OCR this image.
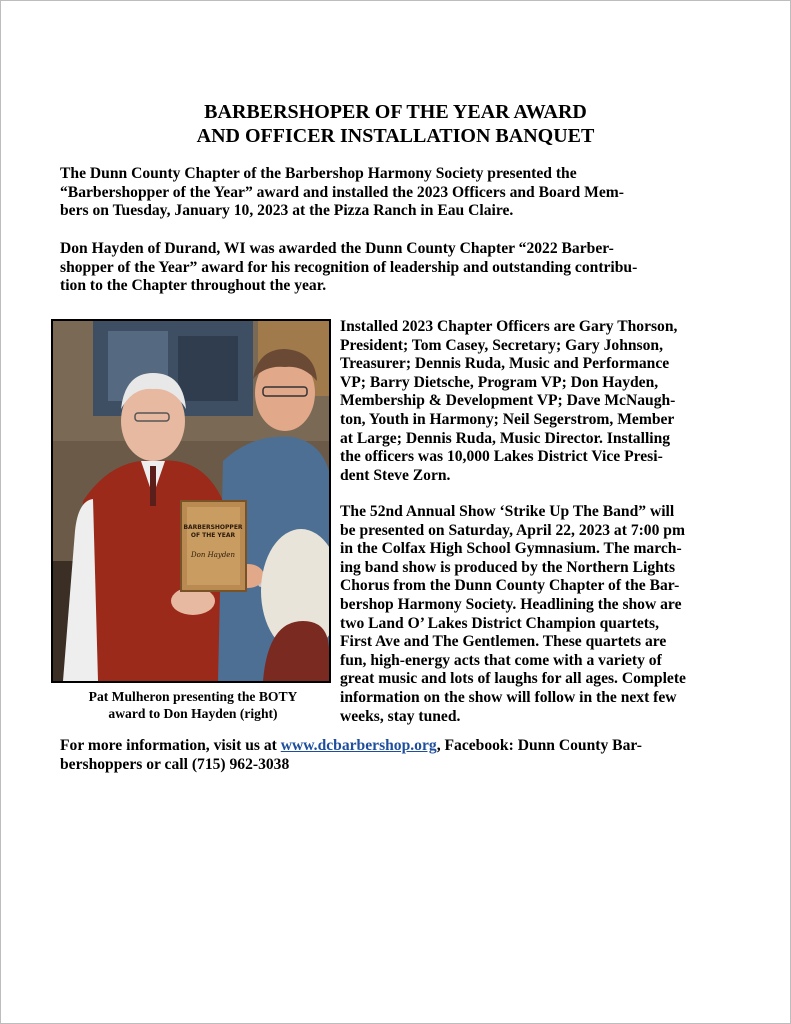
BARBERSHOPER OF THE YEAR AWARD
AND OFFICER INSTALLATION BANQUET

The Dunn County Chapter of the Barbershop Harmony Society presented the
“Barbershopper of the Year” award and installed the 2023 Officers and Board Mem-
bers on Tuesday, January 10, 2023 at the Pizza Ranch in Eau Claire.

Don Hayden of Durand, WI was awarded the Dunn County Chapter “2022 Barber-
shopper of the Year” award for his recognition of leadership and outstanding contribu-
tion to the Chapter throughout the year.

BARBERSHOPPER
OF THE YEAR
Don Hayden
Pat Mulheron presenting the BOTY
award to Don Hayden (right)

Installed 2023 Chapter Officers are Gary Thorson,
President; Tom Casey, Secretary; Gary Johnson,
Treasurer; Dennis Ruda, Music and Performance
VP; Barry Dietsche, Program VP; Don Hayden,
Membership & Development VP; Dave McNaugh-
ton, Youth in Harmony; Neil Segerstrom, Member
at Large; Dennis Ruda, Music Director. Installing
the officers was 10,000 Lakes District Vice Presi-
dent Steve Zorn.

The 52nd Annual Show ‘Strike Up The Band” will
be presented on Saturday, April 22, 2023 at 7:00 pm
in the Colfax High School Gymnasium. The march-
ing band show is produced by the Northern Lights
Chorus from the Dunn County Chapter of the Bar-
bershop Harmony Society. Headlining the show are
two Land O’ Lakes District Champion quartets,
First Ave and The Gentlemen. These quartets are
fun, high-energy acts that come with a variety of
great music and lots of laughs for all ages. Complete
information on the show will follow in the next few
weeks, stay tuned.

For more information, visit us at www.dcbarbershop.org, Facebook: Dunn County Bar-
bershoppers or call (715) 962-3038
